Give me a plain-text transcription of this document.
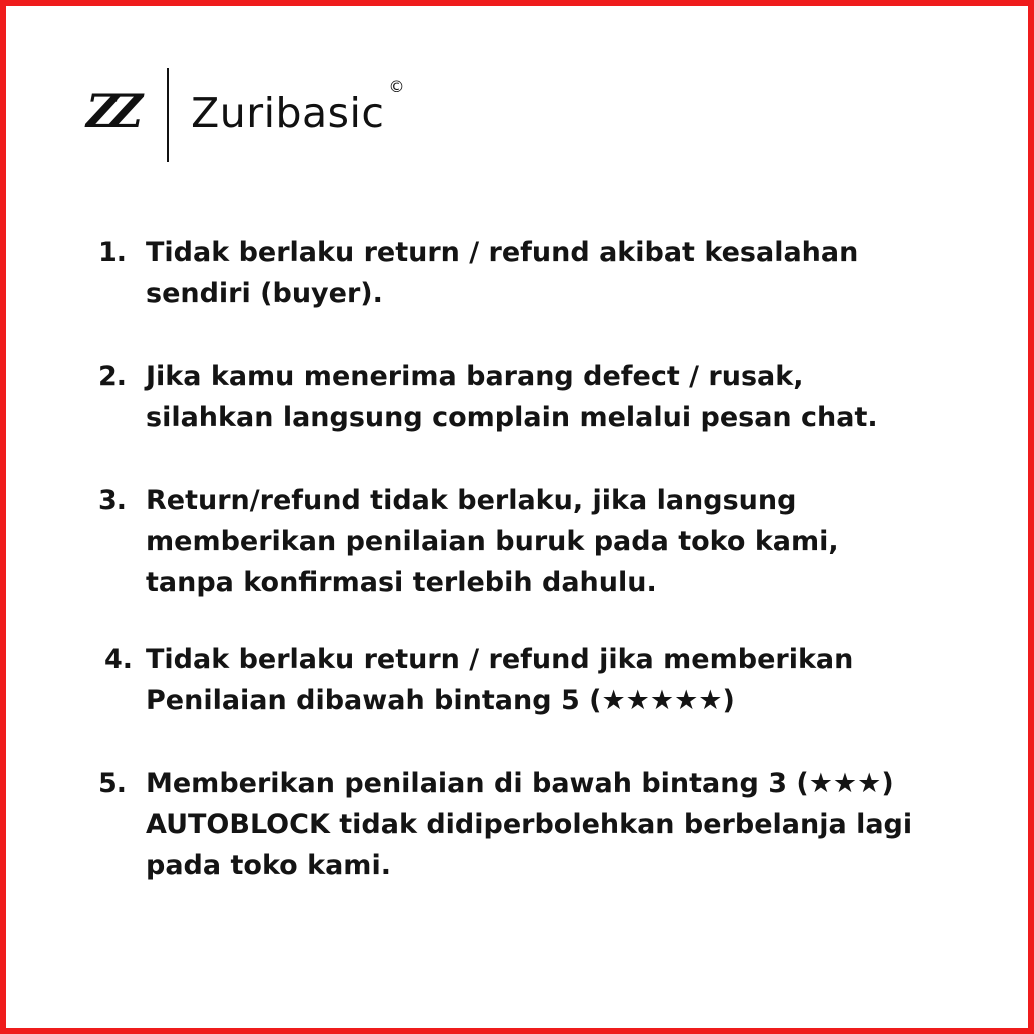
ZZ Zuribasic©
1. Tidak berlaku return / refund akibat kesalahan
sendiri (buyer).
2. Jika kamu menerima barang defect / rusak,
silahkan langsung complain melalui pesan chat.
3. Return/refund tidak berlaku, jika langsung
memberikan penilaian buruk pada toko kami,
tanpa konfirmasi terlebih dahulu.
4. Tidak berlaku return / refund jika memberikan
Penilaian dibawah bintang 5 (★★★★★)
5. Memberikan penilaian di bawah bintang 3 (★★★)
AUTOBLOCK tidak didiperbolehkan berbelanja lagi
pada toko kami.
